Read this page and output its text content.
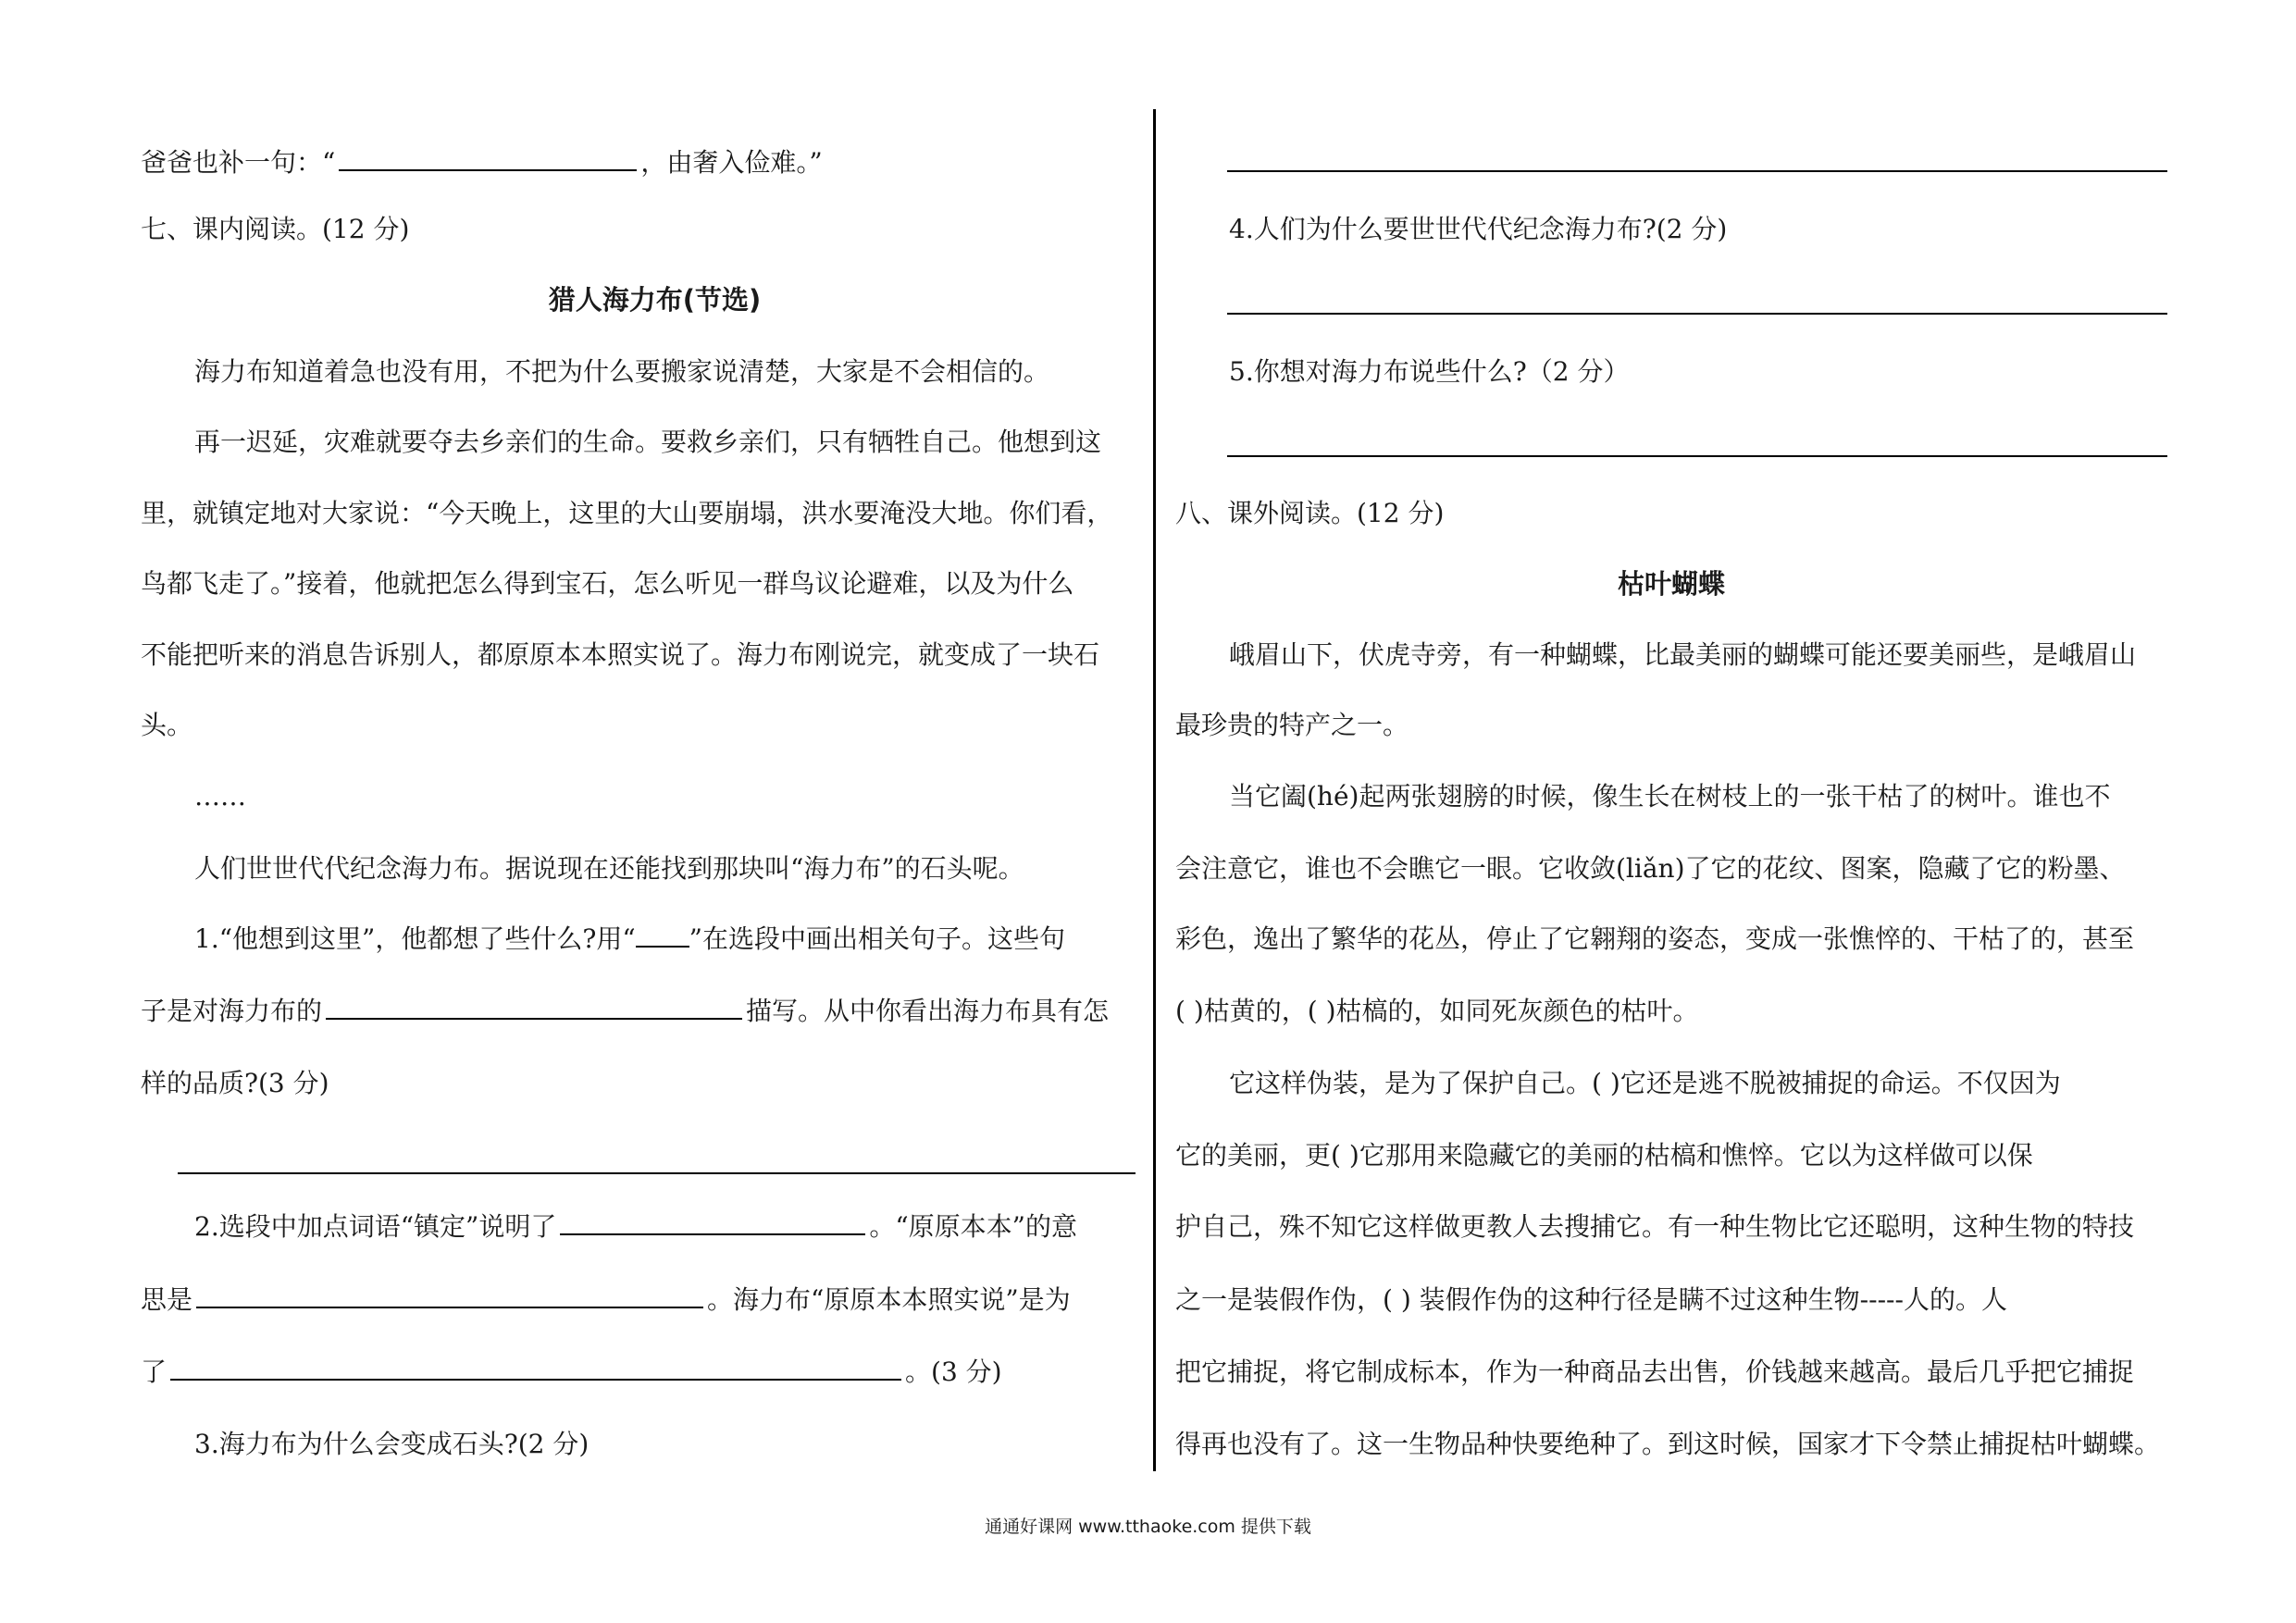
爸爸也补一句：“	，由奢入俭难。”
七、课内阅读。(12 分)
猎人海力布(节选)
海力布知道着急也没有用，不把为什么要搬家说清楚，大家是不会相信的。
再一迟延，灾难就要夺去乡亲们的生命。要救乡亲们，只有牺牲自己。他想到这
里，就镇定地对大家说：“今天晚上，这里的大山要崩塌，洪水要淹没大地。你们看，
鸟都飞走了。”接着，他就把怎么得到宝石，怎么听见一群鸟议论避难，以及为什么
不能把听来的消息告诉别人，都原原本本照实说了。海力布刚说完，就变成了一块石
头。
……
人们世世代代纪念海力布。据说现在还能找到那块叫“海力布”的石头呢。
1.“他想到这里”，他都想了些什么?用“ ”在选段中画出相关句子。这些句
子是对海力布的	描写。从中你看出海力布具有怎
样的品质?(3 分)
2.选段中加点词语“镇定”说明了	。“原原本本”的意
思是	。海力布“原原本本照实说”是为
了	。(3 分)
3.海力布为什么会变成石头?(2 分)
4.人们为什么要世世代代纪念海力布?(2 分)
5.你想对海力布说些什么?（2 分）
八、课外阅读。(12 分)
枯叶蝴蝶
峨眉山下，伏虎寺旁，有一种蝴蝶，比最美丽的蝴蝶可能还要美丽些，是峨眉山
最珍贵的特产之一。
当它阖(hé)起两张翅膀的时候，像生长在树枝上的一张干枯了的树叶。谁也不
会注意它，谁也不会瞧它一眼。它收敛(liǎn)了它的花纹、图案，隐藏了它的粉墨、
彩色，逸出了繁华的花丛，停止了它翱翔的姿态，变成一张憔悴的、干枯了的，甚至
( )枯黄的，( )枯槁的，如同死灰颜色的枯叶。
它这样伪装，是为了保护自己。( )它还是逃不脱被捕捉的命运。不仅因为
它的美丽，更( )它那用来隐藏它的美丽的枯槁和憔悴。它以为这样做可以保
护自己，殊不知它这样做更教人去搜捕它。有一种生物比它还聪明，这种生物的特技
之一是装假作伪，( ) 装假作伪的这种行径是瞒不过这种生物-----人的。人
把它捕捉，将它制成标本，作为一种商品去出售，价钱越来越高。最后几乎把它捕捉
得再也没有了。这一生物品种快要绝种了。到这时候，国家才下令禁止捕捉枯叶蝴蝶。
通通好课网 www.tthaoke.com 提供下载
